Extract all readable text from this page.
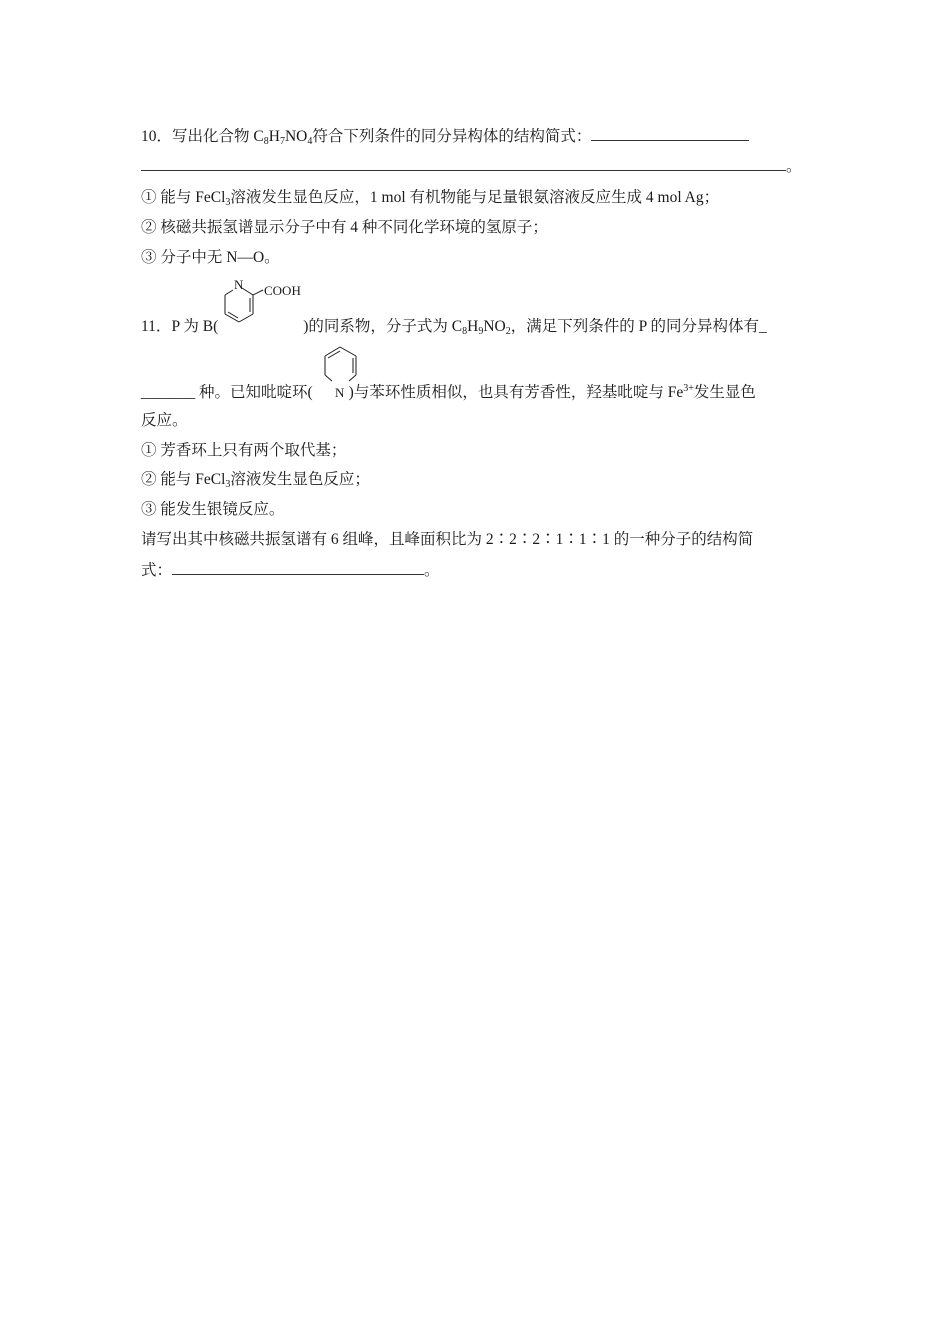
10．写出化合物 $C_8H_7NO_4$符合下列条件的同分异构体的结构简式：
。
① 能与 FeCl$_3$溶液发生显色反应，1 mol 有机物能与足量银氨溶液反应生成 4 mol Ag；
② 核磁共振氢谱显示分子中有 4 种不同化学环境的氢原子；
③ 分子中无 N—O。
N COOH
11．P 为 B(	)的同系物，分子式为 $C_8H_9NO_2$，满足下列条件的 P 的同分异构体有_
N
_______ 种。已知吡啶环( )与苯环性质相似，也具有芳香性，羟基吡啶与 $Fe^{3+}$发生显色
反应。
① 芳香环上只有两个取代基；
② 能与 FeCl$_3$溶液发生显色反应；
③ 能发生银镜反应。
请写出其中核磁共振氢谱有 6 组峰，且峰面积比为 2∶2∶2∶1∶1∶1 的一种分子的结构简
式：	。
